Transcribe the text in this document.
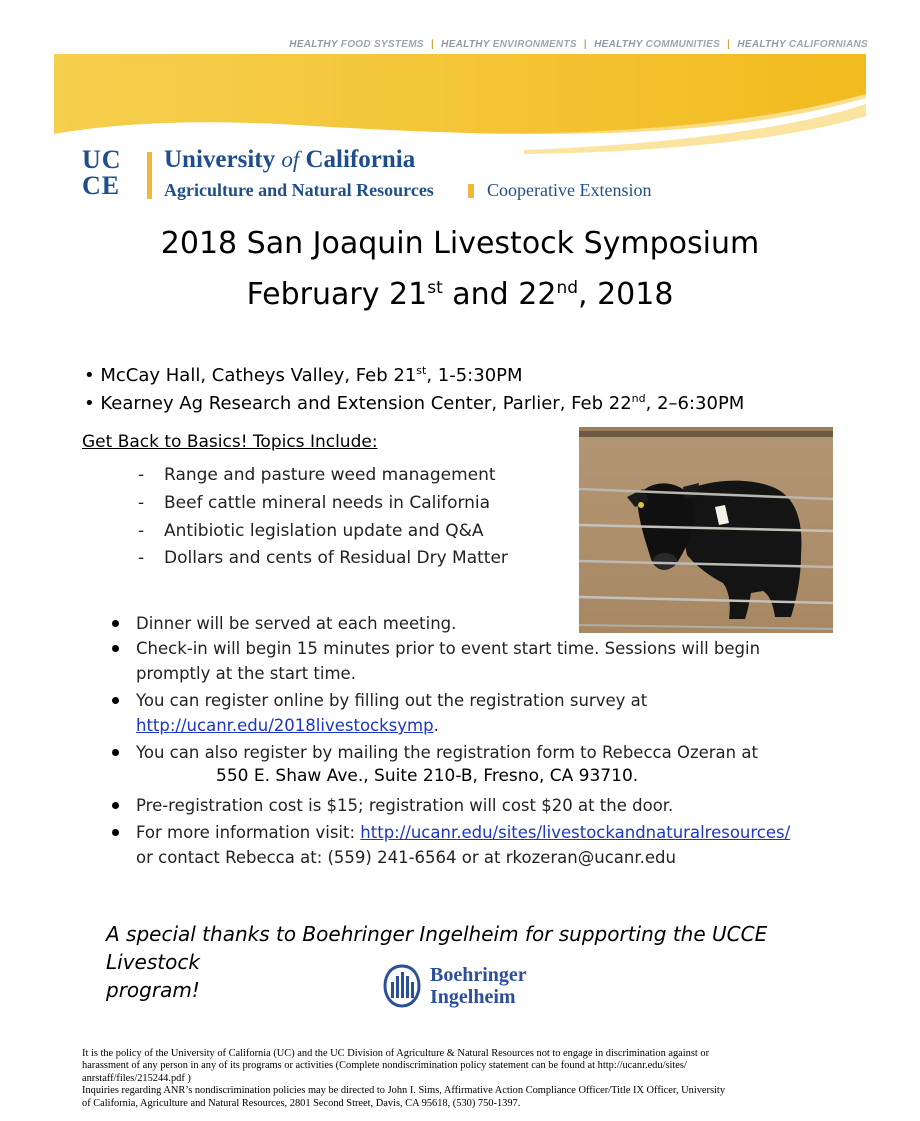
HEALTHY FOOD SYSTEMS | HEALTHY ENVIRONMENTS | HEALTHY COMMUNITIES | HEALTHY CALIFORNIANS
UC
CE
University of California
Agriculture and Natural Resources	Cooperative Extension
2018 San Joaquin Livestock Symposium
February 21st and 22nd, 2018
• McCay Hall, Catheys Valley, Feb 21st, 1-5:30PM
• Kearney Ag Research and Extension Center, Parlier, Feb 22nd, 2–6:30PM
Get Back to Basics! Topics Include:
- Range and pasture weed management
- Beef cattle mineral needs in California
- Antibiotic legislation update and Q&A
- Dollars and cents of Residual Dry Matter
Dinner will be served at each meeting.
Check-in will begin 15 minutes prior to event start time. Sessions will begin
promptly at the start time.
You can register online by filling out the registration survey at
http://ucanr.edu/2018livestocksymp.
You can also register by mailing the registration form to Rebecca Ozeran at
550 E. Shaw Ave., Suite 210-B, Fresno, CA 93710.
Pre-registration cost is $15; registration will cost $20 at the door.
For more information visit: http://ucanr.edu/sites/livestockandnaturalresources/
or contact Rebecca at: (559) 241-6564 or at rkozeran@ucanr.edu
A special thanks to Boehringer Ingelheim for supporting the UCCE Livestock
program!
Boehringer
Ingelheim
It is the policy of the University of California (UC) and the UC Division of Agriculture & Natural Resources not to engage in discrimination against or
harassment of any person in any of its programs or activities (Complete nondiscrimination policy statement can be found at http://ucanr.edu/sites/
anrstaff/files/215244.pdf )
Inquiries regarding ANR’s nondiscrimination policies may be directed to John I. Sims, Affirmative Action Compliance Officer/Title IX Officer, University
of California, Agriculture and Natural Resources, 2801 Second Street, Davis, CA 95618, (530) 750-1397.
